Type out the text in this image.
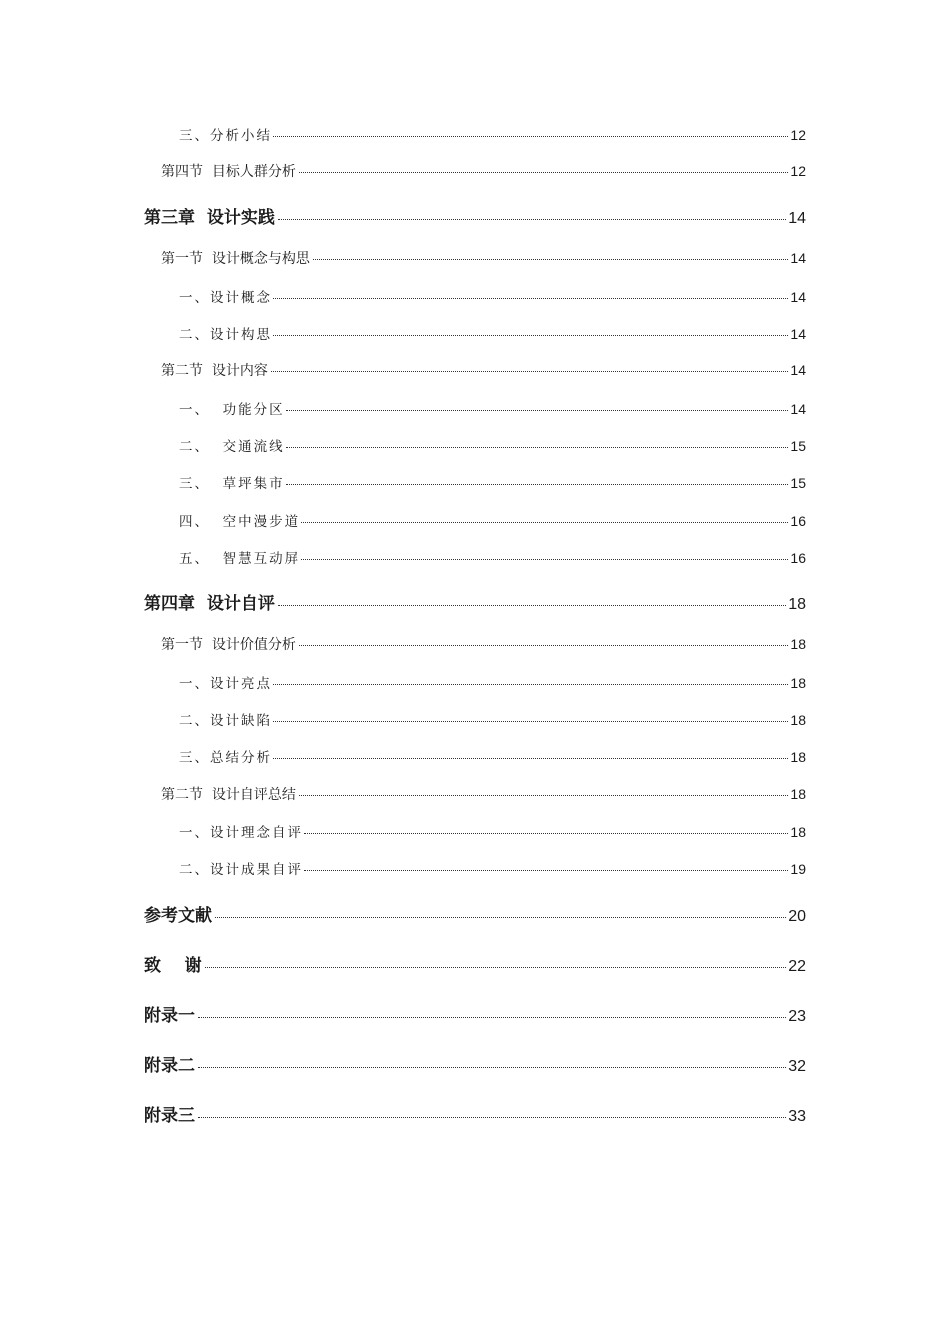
三、分析小结	12
第四节  目标人群分析	12
第三章  设计实践	14
第一节  设计概念与构思	14
一、设计概念	14
二、设计构思	14
第二节  设计内容	14
一、  功能分区	14
二、  交通流线	15
三、  草坪集市	15
四、  空中漫步道	16
五、  智慧互动屏	16
第四章  设计自评	18
第一节  设计价值分析	18
一、设计亮点	18
二、设计缺陷	18
三、总结分析	18
第二节  设计自评总结	18
一、设计理念自评	18
二、设计成果自评	19
参考文献	20
致    谢	22
附录一	23
附录二	32
附录三	33
